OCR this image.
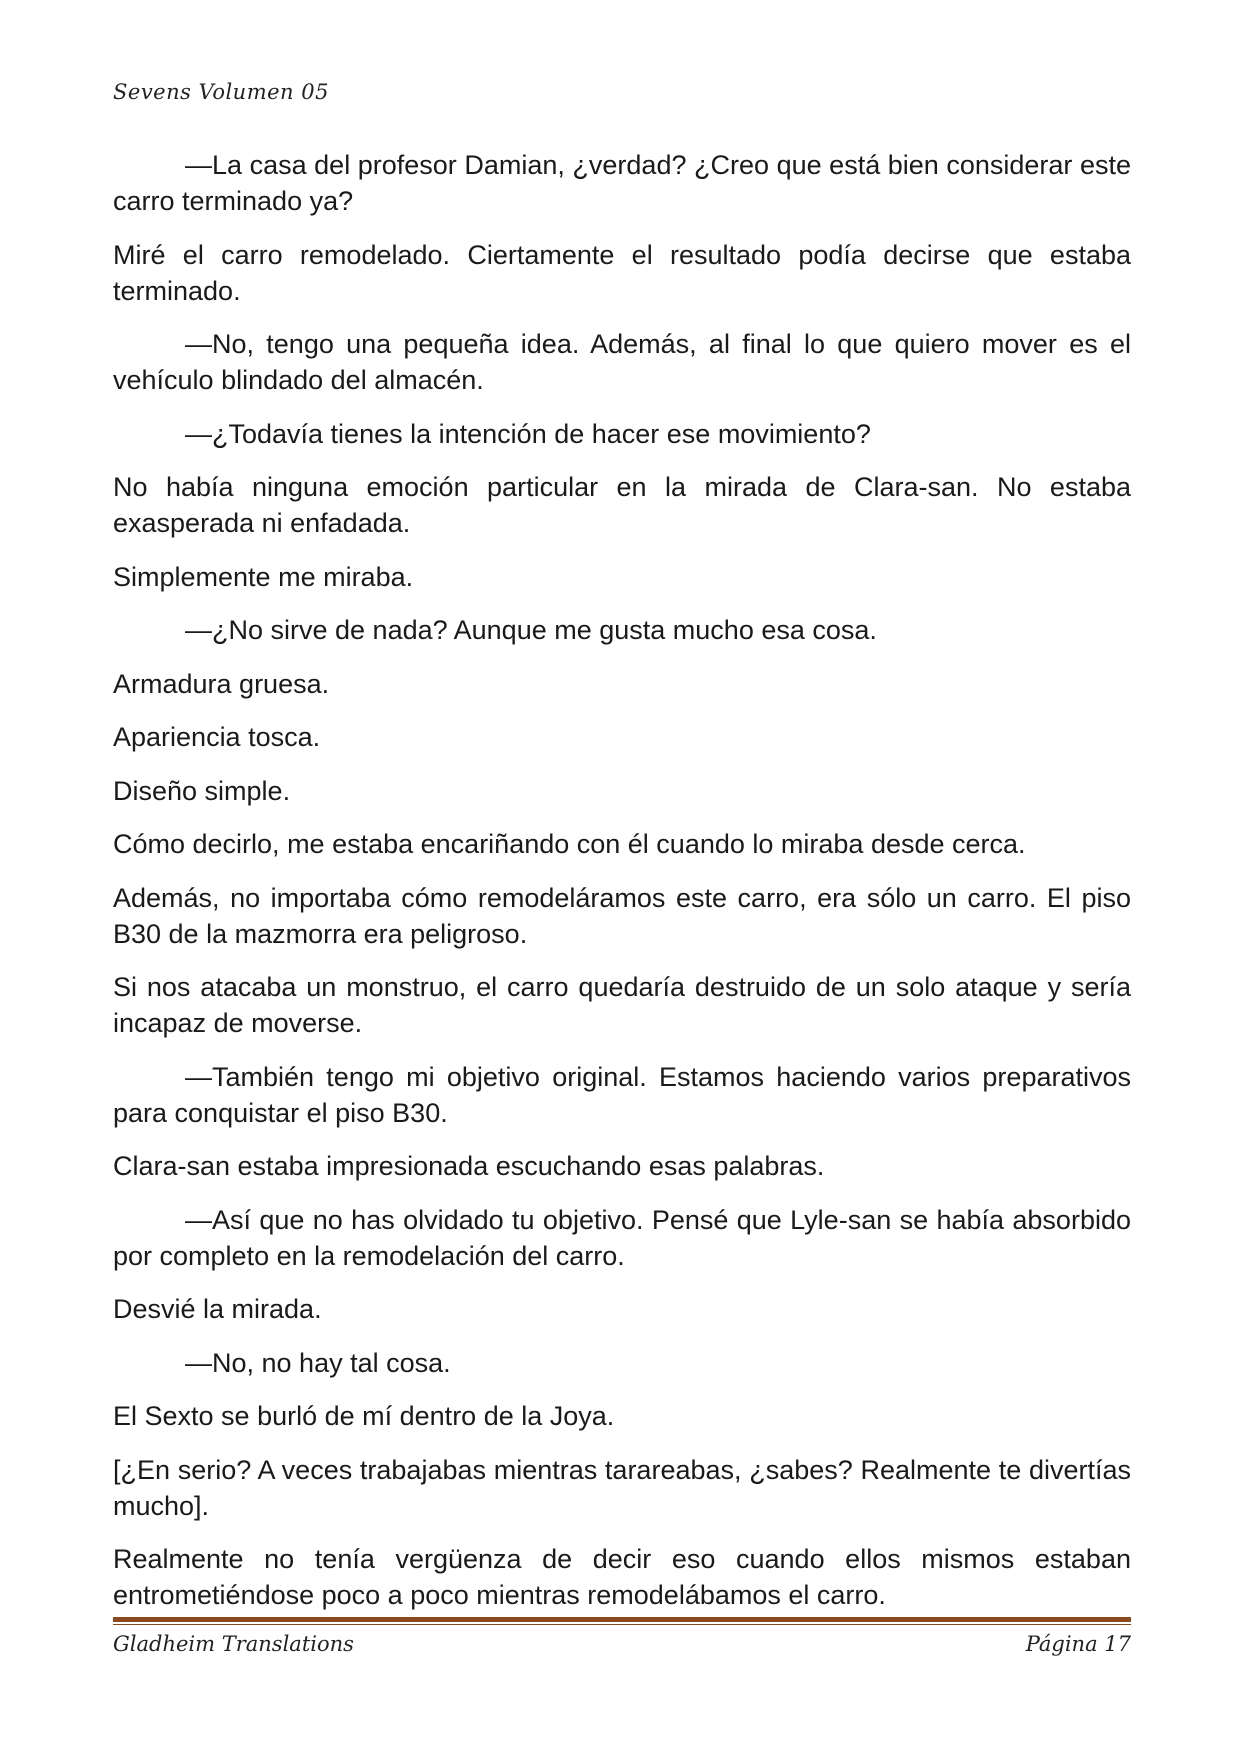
Sevens Volumen 05

—La casa del profesor Damian, ¿verdad? ¿Creo que está bien considerar este carro terminado ya?

Miré el carro remodelado. Ciertamente el resultado podía decirse que estaba terminado.

—No, tengo una pequeña idea. Además, al final lo que quiero mover es el vehículo blindado del almacén.

—¿Todavía tienes la intención de hacer ese movimiento?

No había ninguna emoción particular en la mirada de Clara-san. No estaba exasperada ni enfadada.

Simplemente me miraba.

—¿No sirve de nada? Aunque me gusta mucho esa cosa.

Armadura gruesa.

Apariencia tosca.

Diseño simple.

Cómo decirlo, me estaba encariñando con él cuando lo miraba desde cerca.

Además, no importaba cómo remodeláramos este carro, era sólo un carro. El piso B30 de la mazmorra era peligroso.

Si nos atacaba un monstruo, el carro quedaría destruido de un solo ataque y sería incapaz de moverse.

—También tengo mi objetivo original. Estamos haciendo varios preparativos para conquistar el piso B30.

Clara-san estaba impresionada escuchando esas palabras.

—Así que no has olvidado tu objetivo. Pensé que Lyle-san se había absorbido por completo en la remodelación del carro.

Desvié la mirada.

—No, no hay tal cosa.

El Sexto se burló de mí dentro de la Joya.

[¿En serio? A veces trabajabas mientras tarareabas, ¿sabes? Realmente te divertías mucho].

Realmente no tenía vergüenza de decir eso cuando ellos mismos estaban entrometiéndose poco a poco mientras remodelábamos el carro.

Gladheim Translations	Página 17
